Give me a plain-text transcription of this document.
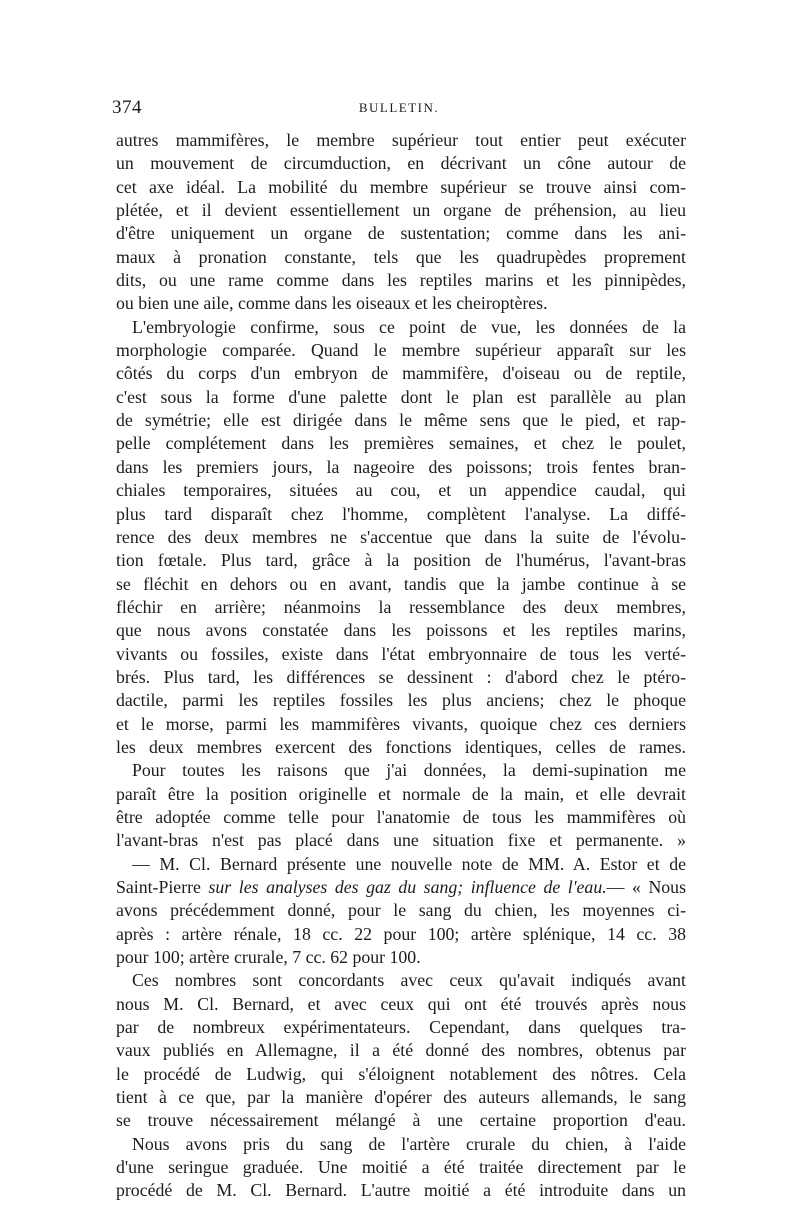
374	BULLETIN.
autres mammifères, le membre supérieur tout entier peut exécuter
un mouvement de circumduction, en décrivant un cône autour de
cet axe idéal. La mobilité du membre supérieur se trouve ainsi com-
plétée, et il devient essentiellement un organe de préhension, au lieu
d'être uniquement un organe de sustentation; comme dans les ani-
maux à pronation constante, tels que les quadrupèdes proprement
dits, ou une rame comme dans les reptiles marins et les pinnipèdes,
ou bien une aile, comme dans les oiseaux et les cheiroptères.
L'embryologie confirme, sous ce point de vue, les données de la
morphologie comparée. Quand le membre supérieur apparaît sur les
côtés du corps d'un embryon de mammifère, d'oiseau ou de reptile,
c'est sous la forme d'une palette dont le plan est parallèle au plan
de symétrie; elle est dirigée dans le même sens que le pied, et rap-
pelle complétement dans les premières semaines, et chez le poulet,
dans les premiers jours, la nageoire des poissons; trois fentes bran-
chiales temporaires, situées au cou, et un appendice caudal, qui
plus tard disparaît chez l'homme, complètent l'analyse. La diffé-
rence des deux membres ne s'accentue que dans la suite de l'évolu-
tion fœtale. Plus tard, grâce à la position de l'humérus, l'avant-bras
se fléchit en dehors ou en avant, tandis que la jambe continue à se
fléchir en arrière; néanmoins la ressemblance des deux membres,
que nous avons constatée dans les poissons et les reptiles marins,
vivants ou fossiles, existe dans l'état embryonnaire de tous les verté-
brés. Plus tard, les différences se dessinent : d'abord chez le ptéro-
dactile, parmi les reptiles fossiles les plus anciens; chez le phoque
et le morse, parmi les mammifères vivants, quoique chez ces derniers
les deux membres exercent des fonctions identiques, celles de rames.
Pour toutes les raisons que j'ai données, la demi-supination me
paraît être la position originelle et normale de la main, et elle devrait
être adoptée comme telle pour l'anatomie de tous les mammifères où
l'avant-bras n'est pas placé dans une situation fixe et permanente. »
— M. Cl. Bernard présente une nouvelle note de MM. A. Estor et de
Saint-Pierre sur les analyses des gaz du sang; influence de l'eau.— « Nous
avons précédemment donné, pour le sang du chien, les moyennes ci-
après : artère rénale, 18 cc. 22 pour 100; artère splénique, 14 cc. 38
pour 100; artère crurale, 7 cc. 62 pour 100.
Ces nombres sont concordants avec ceux qu'avait indiqués avant
nous M. Cl. Bernard, et avec ceux qui ont été trouvés après nous
par de nombreux expérimentateurs. Cependant, dans quelques tra-
vaux publiés en Allemagne, il a été donné des nombres, obtenus par
le procédé de Ludwig, qui s'éloignent notablement des nôtres. Cela
tient à ce que, par la manière d'opérer des auteurs allemands, le sang
se trouve nécessairement mélangé à une certaine proportion d'eau.
Nous avons pris du sang de l'artère crurale du chien, à l'aide
d'une seringue graduée. Une moitié a été traitée directement par le
procédé de M. Cl. Bernard. L'autre moitié a été introduite dans un
